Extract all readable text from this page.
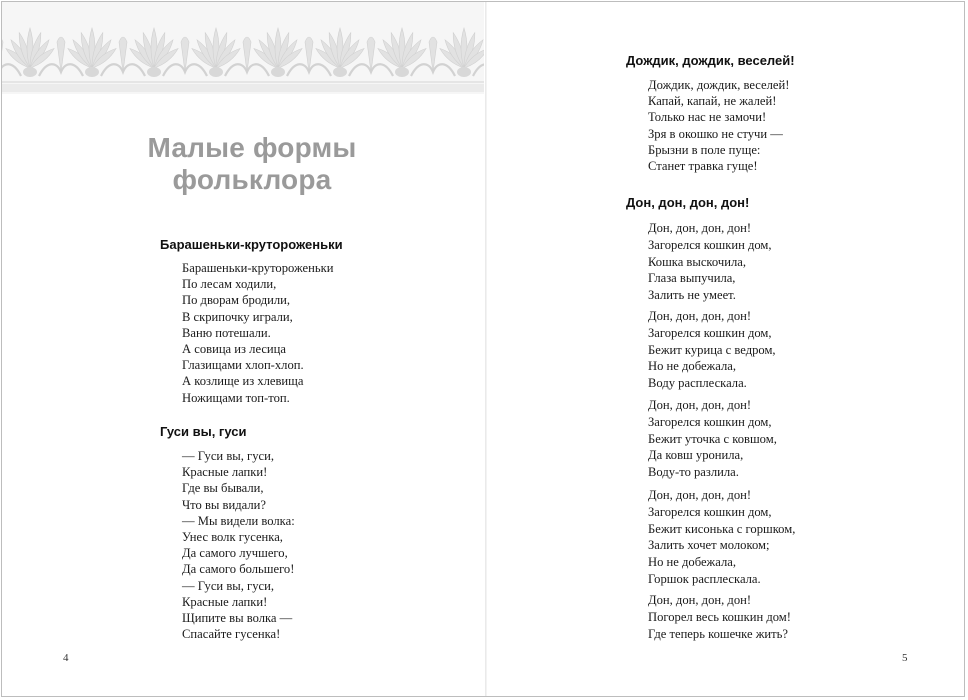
Малые формы
фольклора
Барашеньки-крутороженьки
Барашеньки-крутороженьки
По лесам ходили,
По дворам бродили,
В скрипочку играли,
Ваню потешали.
А совица из лесица
Глазищами хлоп-хлоп.
А козлище из хлевища
Ножищами топ-топ.
Гуси вы, гуси
— Гуси вы, гуси,
Красные лапки!
Где вы бывали,
Что вы видали?
— Мы видели волка:
Унес волк гусенка,
Да самого лучшего,
Да самого большего!
— Гуси вы, гуси,
Красные лапки!
Щипите вы волка —
Спасайте гусенка!
4
Дождик, дождик, веселей!
Дождик, дождик, веселей!
Капай, капай, не жалей!
Только нас не замочи!
Зря в окошко не стучи —
Брызни в поле пуще:
Станет травка гуще!
Дон, дон, дон, дон!
Дон, дон, дон, дон!
Загорелся кошкин дом,
Кошка выскочила,
Глаза выпучила,
Залить не умеет.
Дон, дон, дон, дон!
Загорелся кошкин дом,
Бежит курица с ведром,
Но не добежала,
Воду расплескала.
Дон, дон, дон, дон!
Загорелся кошкин дом,
Бежит уточка с ковшом,
Да ковш уронила,
Воду-то разлила.
Дон, дон, дон, дон!
Загорелся кошкин дом,
Бежит кисонька с горшком,
Залить хочет молоком;
Но не добежала,
Горшок расплескала.
Дон, дон, дон, дон!
Погорел весь кошкин дом!
Где теперь кошечке жить?
5
